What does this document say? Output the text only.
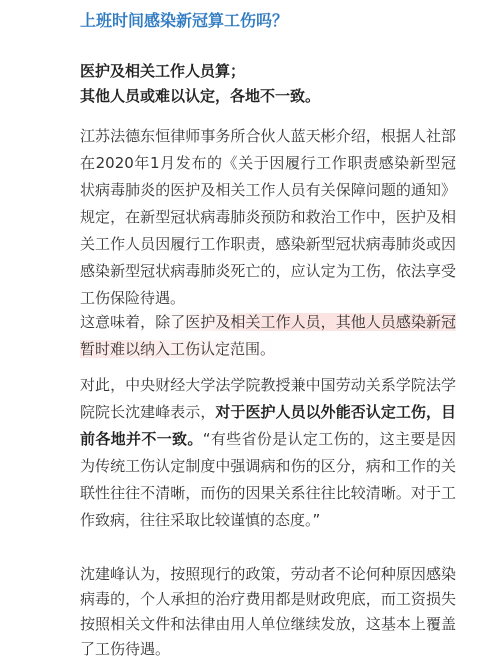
上班时间感染新冠算工伤吗？
医护及相关工作人员算；
其他人员或难以认定，各地不一致。

江苏法德东恒律师事务所合伙人蓝天彬介绍，根据人社部在2020年1月发布的《关于因履行工作职责感染新型冠状病毒肺炎的医护及相关工作人员有关保障问题的通知》规定，在新型冠状病毒肺炎预防和救治工作中，医护及相关工作人员因履行工作职责，感染新型冠状病毒肺炎或因感染新型冠状病毒肺炎死亡的，应认定为工伤，依法享受工伤保险待遇。

这意味着，除了医护及相关工作人员，其他人员感染新冠暂时难以纳入工伤认定范围。

对此，中央财经大学法学院教授兼中国劳动关系学院法学院院长沈建峰表示，对于医护人员以外能否认定工伤，目前各地并不一致。“有些省份是认定工伤的，这主要是因为传统工伤认定制度中强调病和伤的区分，病和工作的关联性往往不清晰，而伤的因果关系往往比较清晰。对于工作致病，往往采取比较谨慎的态度。”

沈建峰认为，按照现行的政策，劳动者不论何种原因感染病毒的，个人承担的治疗费用都是财政兜底，而工资损失按照相关文件和法律由用人单位继续发放，这基本上覆盖了工伤待遇。
